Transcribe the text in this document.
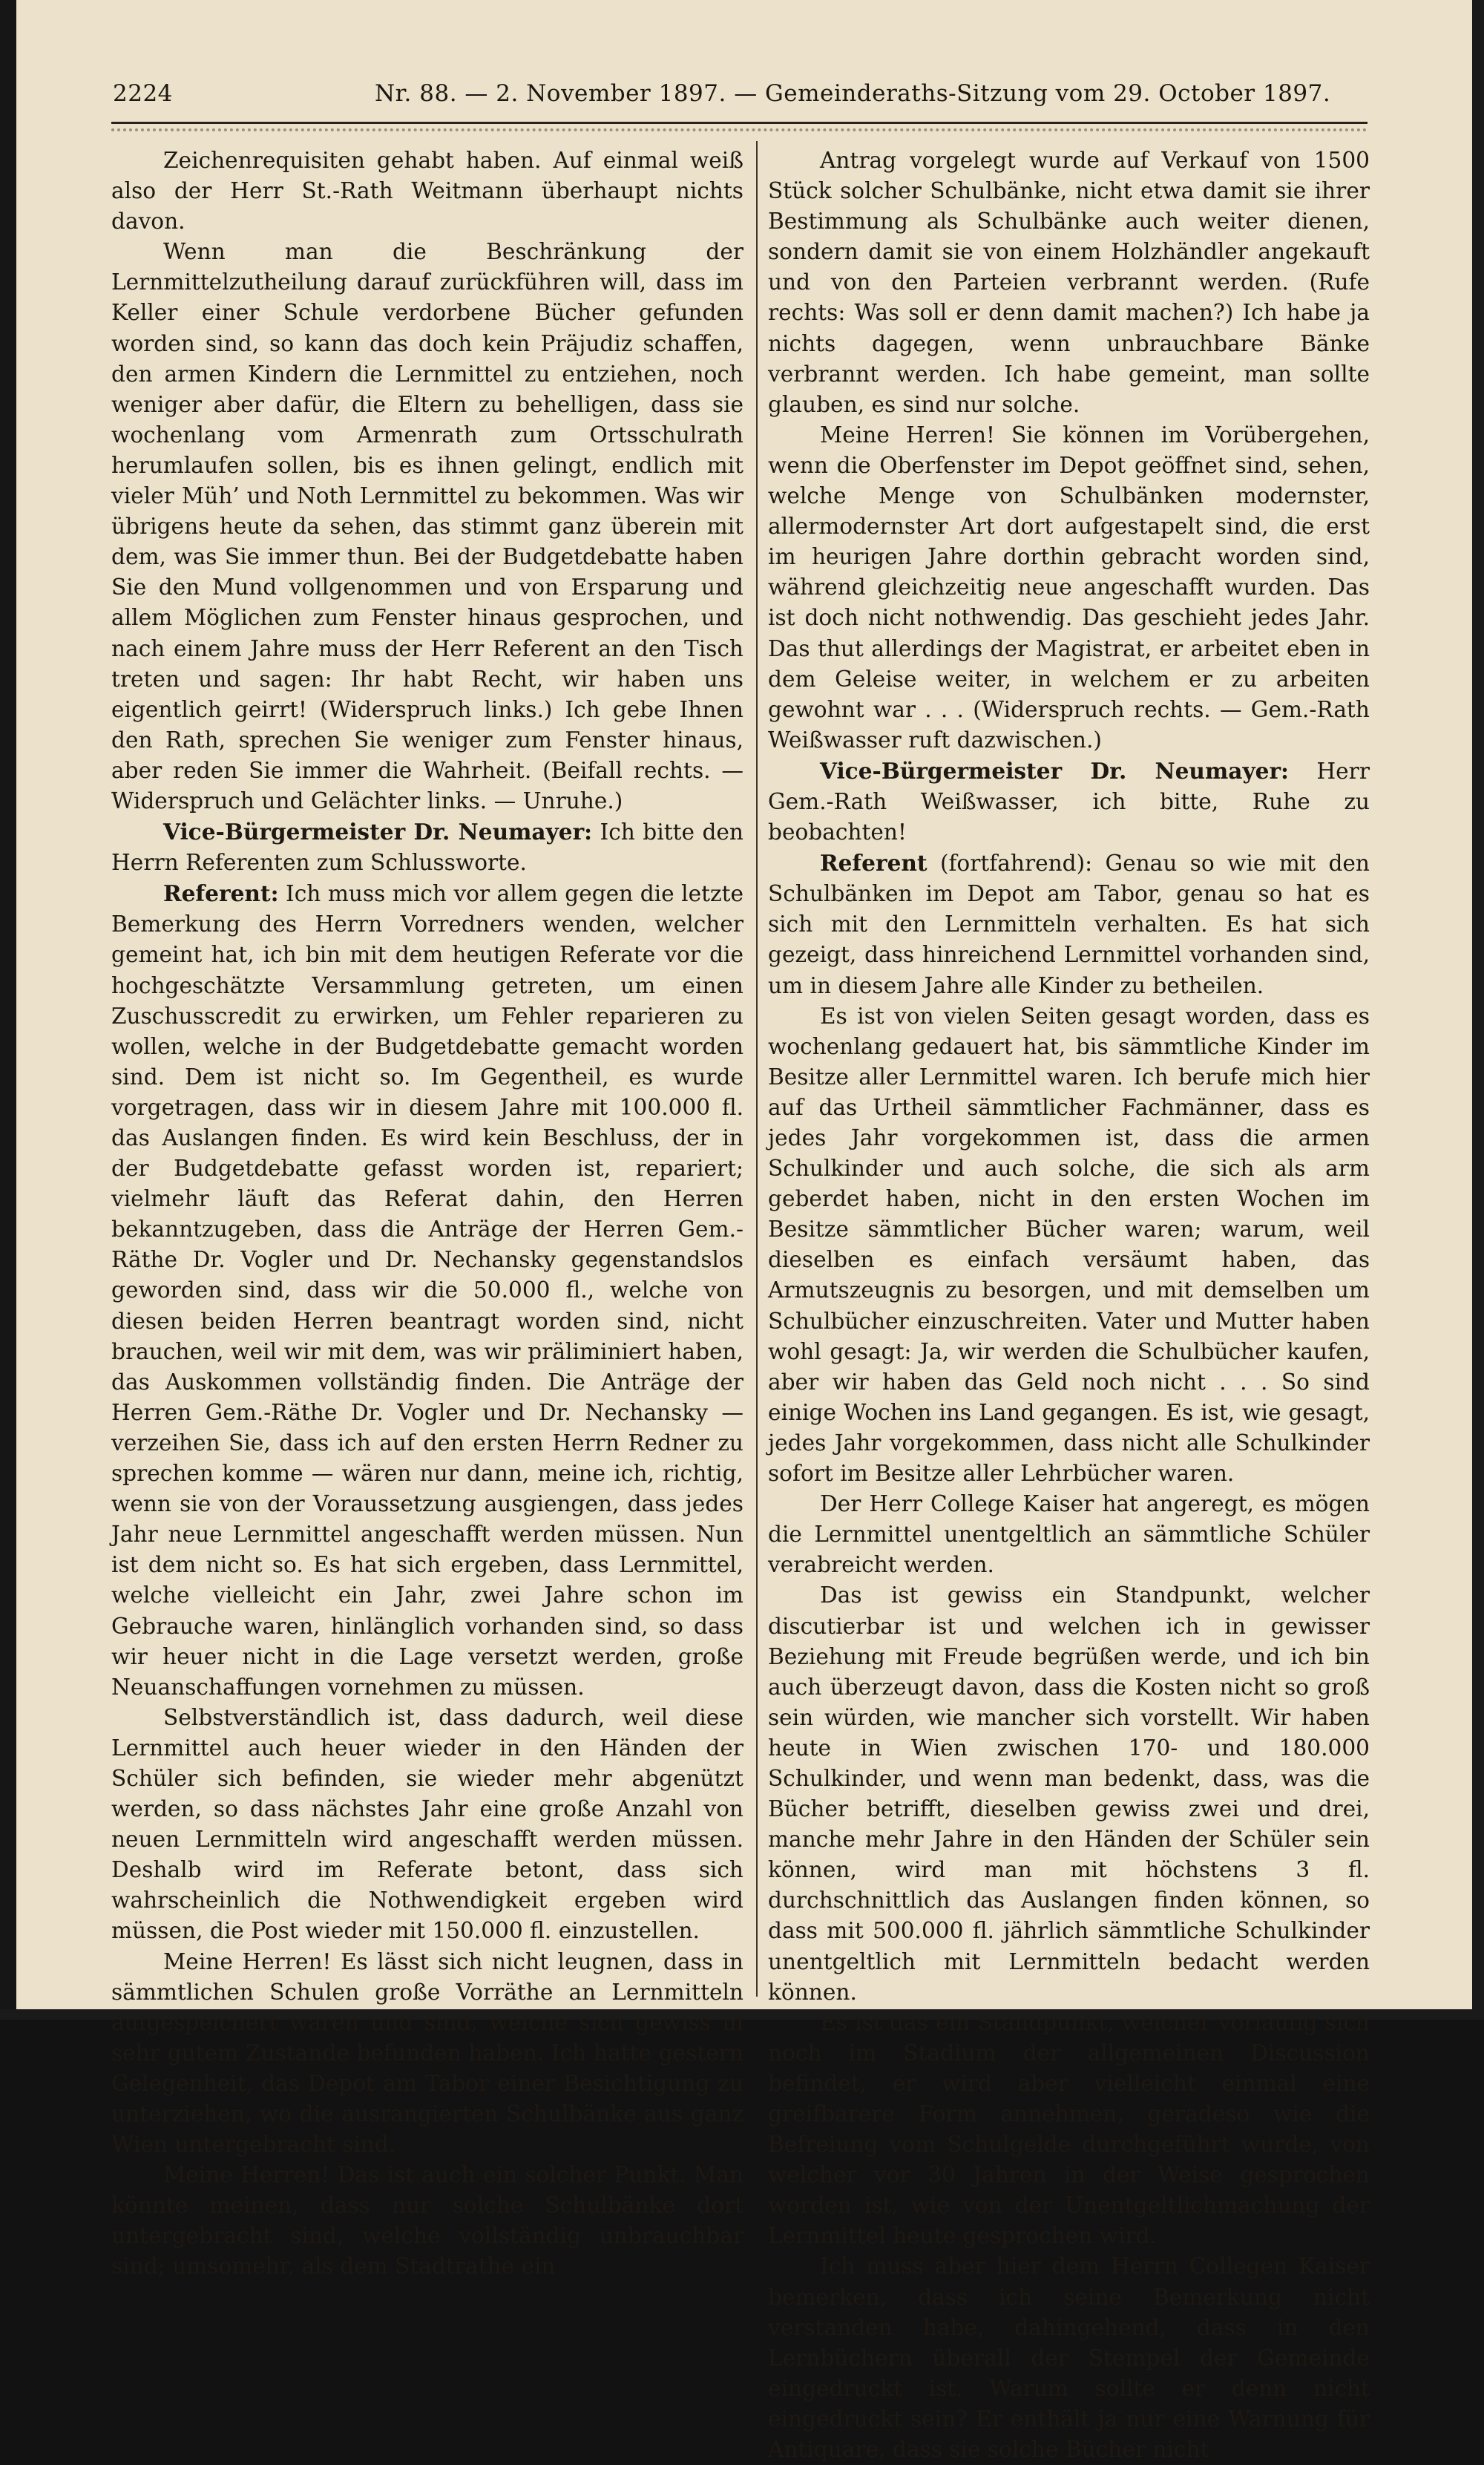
2224	Nr. 88. — 2. November 1897. — Gemeinderaths-Sitzung vom 29. October 1897.

Zeichenrequisiten gehabt haben. Auf einmal weiß also der Herr St.-Rath Weitmann überhaupt nichts davon.

Wenn man die Beschränkung der Lernmittelzutheilung darauf zurückführen will, dass im Keller einer Schule verdorbene Bücher gefunden worden sind, so kann das doch kein Präjudiz schaffen, den armen Kindern die Lernmittel zu entziehen, noch weniger aber dafür, die Eltern zu behelligen, dass sie wochenlang vom Armenrath zum Ortsschulrath herumlaufen sollen, bis es ihnen gelingt, endlich mit vieler Müh’ und Noth Lernmittel zu bekommen. Was wir übrigens heute da sehen, das stimmt ganz überein mit dem, was Sie immer thun. Bei der Budgetdebatte haben Sie den Mund vollgenommen und von Ersparung und allem Möglichen zum Fenster hinaus gesprochen, und nach einem Jahre muss der Herr Referent an den Tisch treten und sagen: Ihr habt Recht, wir haben uns eigentlich geirrt! (Widerspruch links.) Ich gebe Ihnen den Rath, sprechen Sie weniger zum Fenster hinaus, aber reden Sie immer die Wahrheit. (Beifall rechts. — Widerspruch und Gelächter links. — Unruhe.)

Vice-Bürgermeister Dr. Neumayer: Ich bitte den Herrn Referenten zum Schlussworte.

Referent: Ich muss mich vor allem gegen die letzte Bemerkung des Herrn Vorredners wenden, welcher gemeint hat, ich bin mit dem heutigen Referate vor die hochgeschätzte Versammlung getreten, um einen Zuschusscredit zu erwirken, um Fehler reparieren zu wollen, welche in der Budgetdebatte gemacht worden sind. Dem ist nicht so. Im Gegentheil, es wurde vorgetragen, dass wir in diesem Jahre mit 100.000 fl. das Auslangen finden. Es wird kein Beschluss, der in der Budgetdebatte gefasst worden ist, repariert; vielmehr läuft das Referat dahin, den Herren bekanntzugeben, dass die Anträge der Herren Gem.-Räthe Dr. Vogler und Dr. Nechansky gegenstandslos geworden sind, dass wir die 50.000 fl., welche von diesen beiden Herren beantragt worden sind, nicht brauchen, weil wir mit dem, was wir präliminiert haben, das Auskommen vollständig finden. Die Anträge der Herren Gem.-Räthe Dr. Vogler und Dr. Nechansky — verzeihen Sie, dass ich auf den ersten Herrn Redner zu sprechen komme — wären nur dann, meine ich, richtig, wenn sie von der Voraussetzung ausgiengen, dass jedes Jahr neue Lernmittel angeschafft werden müssen. Nun ist dem nicht so. Es hat sich ergeben, dass Lernmittel, welche vielleicht ein Jahr, zwei Jahre schon im Gebrauche waren, hinlänglich vorhanden sind, so dass wir heuer nicht in die Lage versetzt werden, große Neuanschaffungen vornehmen zu müssen.

Selbstverständlich ist, dass dadurch, weil diese Lernmittel auch heuer wieder in den Händen der Schüler sich befinden, sie wieder mehr abgenützt werden, so dass nächstes Jahr eine große Anzahl von neuen Lernmitteln wird angeschafft werden müssen. Deshalb wird im Referate betont, dass sich wahrscheinlich die Nothwendigkeit ergeben wird müssen, die Post wieder mit 150.000 fl. einzustellen.

Meine Herren! Es lässt sich nicht leugnen, dass in sämmtlichen Schulen große Vorräthe an Lernmitteln aufgespeichert waren und sind, welche sich gewiss in sehr gutem Zustande befunden haben. Ich hatte gestern Gelegenheit, das Depot am Tabor einer Besichtigung zu unterziehen, wo die ausrangierten Schulbänke aus ganz Wien untergebracht sind.

Meine Herren! Das ist auch ein solcher Punkt. Man könnte meinen, dass nur solche Schulbänke dort untergebracht sind, welche vollständig unbrauchbar sind; umsomehr, als dem Stadtrathe ein

Antrag vorgelegt wurde auf Verkauf von 1500 Stück solcher Schulbänke, nicht etwa damit sie ihrer Bestimmung als Schulbänke auch weiter dienen, sondern damit sie von einem Holzhändler angekauft und von den Parteien verbrannt werden. (Rufe rechts: Was soll er denn damit machen?) Ich habe ja nichts dagegen, wenn unbrauchbare Bänke verbrannt werden. Ich habe gemeint, man sollte glauben, es sind nur solche.

Meine Herren! Sie können im Vorübergehen, wenn die Oberfenster im Depot geöffnet sind, sehen, welche Menge von Schulbänken modernster, allermodernster Art dort aufgestapelt sind, die erst im heurigen Jahre dorthin gebracht worden sind, während gleichzeitig neue angeschafft wurden. Das ist doch nicht nothwendig. Das geschieht jedes Jahr. Das thut allerdings der Magistrat, er arbeitet eben in dem Geleise weiter, in welchem er zu arbeiten gewohnt war . . . (Widerspruch rechts. — Gem.-Rath Weißwasser ruft dazwischen.)

Vice-Bürgermeister Dr. Neumayer: Herr Gem.-Rath Weißwasser, ich bitte, Ruhe zu beobachten!

Referent (fortfahrend): Genau so wie mit den Schulbänken im Depot am Tabor, genau so hat es sich mit den Lernmitteln verhalten. Es hat sich gezeigt, dass hinreichend Lernmittel vorhanden sind, um in diesem Jahre alle Kinder zu betheilen.

Es ist von vielen Seiten gesagt worden, dass es wochenlang gedauert hat, bis sämmtliche Kinder im Besitze aller Lernmittel waren. Ich berufe mich hier auf das Urtheil sämmtlicher Fachmänner, dass es jedes Jahr vorgekommen ist, dass die armen Schulkinder und auch solche, die sich als arm geberdet haben, nicht in den ersten Wochen im Besitze sämmtlicher Bücher waren; warum, weil dieselben es einfach versäumt haben, das Armutszeugnis zu besorgen, und mit demselben um Schulbücher einzuschreiten. Vater und Mutter haben wohl gesagt: Ja, wir werden die Schulbücher kaufen, aber wir haben das Geld noch nicht . . . So sind einige Wochen ins Land gegangen. Es ist, wie gesagt, jedes Jahr vorgekommen, dass nicht alle Schulkinder sofort im Besitze aller Lehrbücher waren.

Der Herr College Kaiser hat angeregt, es mögen die Lernmittel unentgeltlich an sämmtliche Schüler verabreicht werden.

Das ist gewiss ein Standpunkt, welcher discutierbar ist und welchen ich in gewisser Beziehung mit Freude begrüßen werde, und ich bin auch überzeugt davon, dass die Kosten nicht so groß sein würden, wie mancher sich vorstellt. Wir haben heute in Wien zwischen 170- und 180.000 Schulkinder, und wenn man bedenkt, dass, was die Bücher betrifft, dieselben gewiss zwei und drei, manche mehr Jahre in den Händen der Schüler sein können, wird man mit höchstens 3 fl. durchschnittlich das Auslangen finden können, so dass mit 500.000 fl. jährlich sämmtliche Schulkinder unentgeltlich mit Lernmitteln bedacht werden können.

Es ist das ein Standpunkt, welcher vorläufig sich noch im Stadium der allgemeinen Discussion befindet, er wird aber vielleicht einmal eine greifbarere Form annehmen, geradeso wie die Befreiung vom Schulgelde durchgeführt wurde, von welcher vor 30 Jahren in der Weise gesprochen worden ist, wie von der Unentgeltlichmachung der Lernmittel heute gesprochen wird.

Ich muss aber hier dem Herrn Collegen Kaiser bemerken, dass ich seine Bemerkung nicht verstanden habe, dahingehend, dass in den Lernbüchern überall der Stempel der Gemeinde eingedruckt ist. Warum sollte er denn nicht eingedruckt sein? Er enthält ja nur eine Warnung für Antiquare, dass sie solche Bücher nicht
